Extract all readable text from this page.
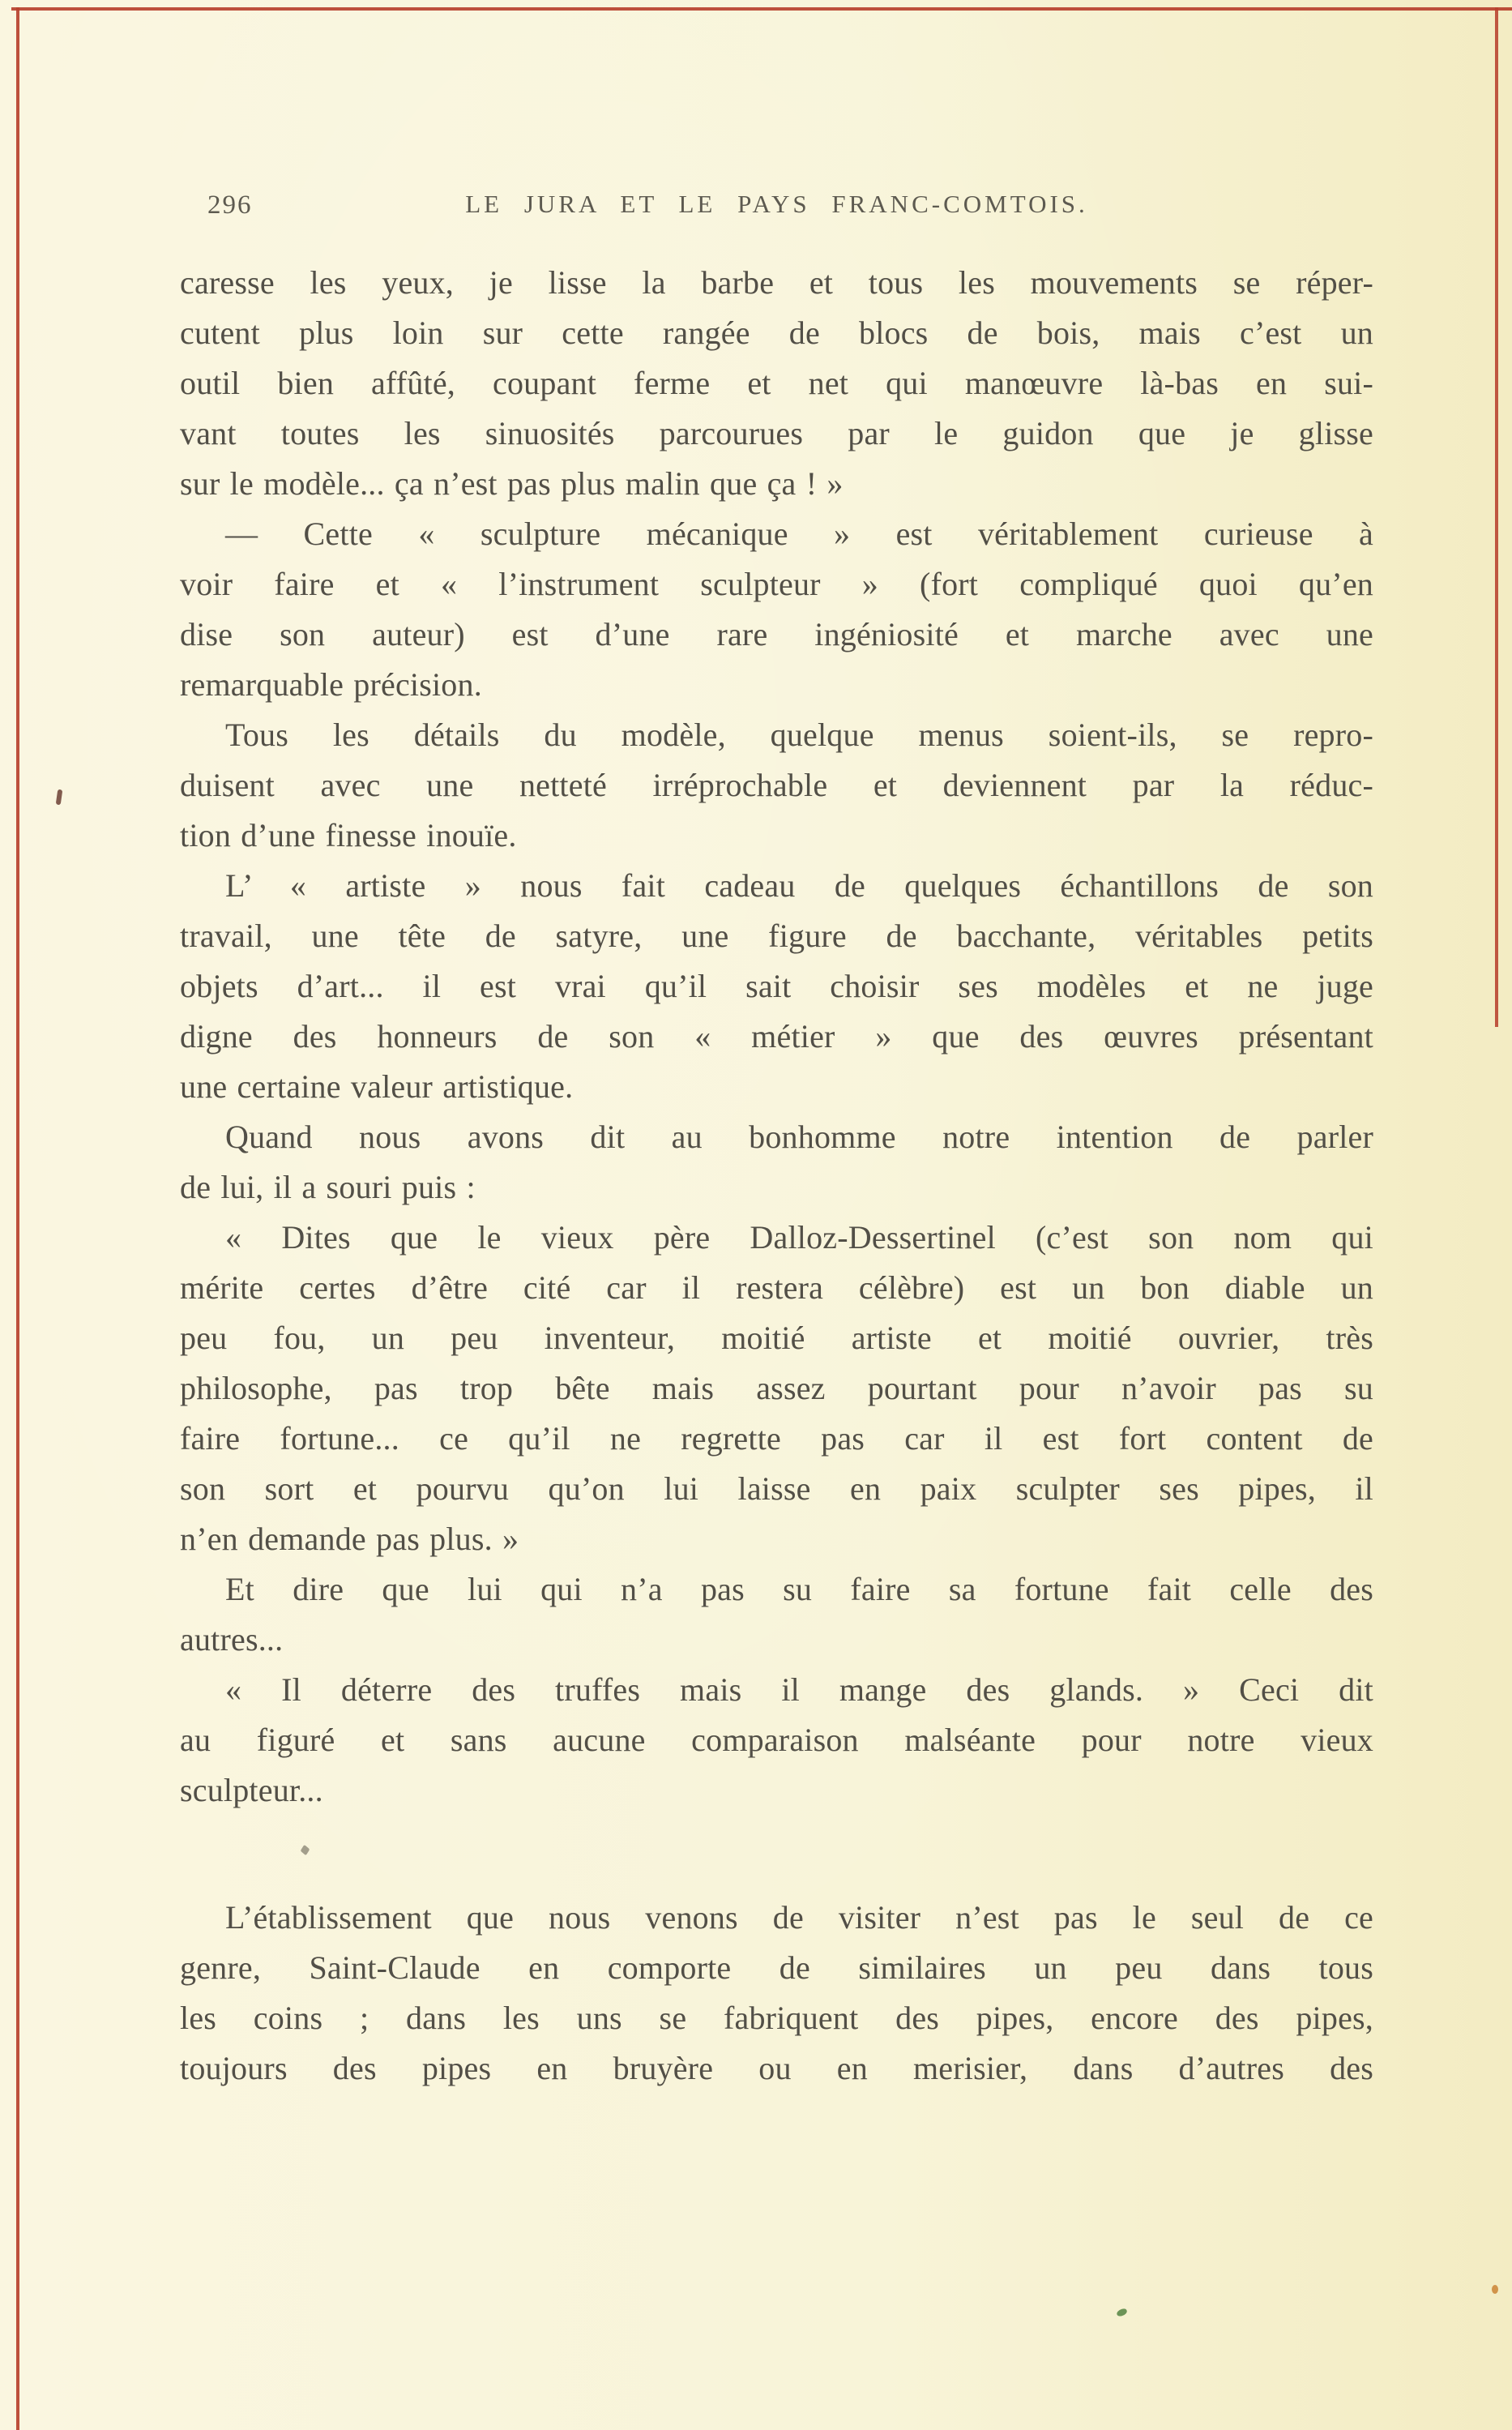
296	LE JURA ET LE PAYS FRANC-COMTOIS.
caresse les yeux, je lisse la barbe et tous les mouvements se réper-
cutent plus loin sur cette rangée de blocs de bois, mais c’est un
outil bien affûté, coupant ferme et net qui manœuvre là-bas en sui-
vant toutes les sinuosités parcourues par le guidon que je glisse
sur le modèle... ça n’est pas plus malin que ça ! »
— Cette « sculpture mécanique » est véritablement curieuse à
voir faire et « l’instrument sculpteur » (fort compliqué quoi qu’en
dise son auteur) est d’une rare ingéniosité et marche avec une
remarquable précision.
Tous les détails du modèle, quelque menus soient-ils, se repro-
duisent avec une netteté irréprochable et deviennent par la réduc-
tion d’une finesse inouïe.
L’ « artiste » nous fait cadeau de quelques échantillons de son
travail, une tête de satyre, une figure de bacchante, véritables petits
objets d’art... il est vrai qu’il sait choisir ses modèles et ne juge
digne des honneurs de son « métier » que des œuvres présentant
une certaine valeur artistique.
Quand nous avons dit au bonhomme notre intention de parler
de lui, il a souri puis :
« Dites que le vieux père Dalloz-Dessertinel (c’est son nom qui
mérite certes d’être cité car il restera célèbre) est un bon diable un
peu fou, un peu inventeur, moitié artiste et moitié ouvrier, très
philosophe, pas trop bête mais assez pourtant pour n’avoir pas su
faire fortune... ce qu’il ne regrette pas car il est fort content de
son sort et pourvu qu’on lui laisse en paix sculpter ses pipes, il
n’en demande pas plus. »
Et dire que lui qui n’a pas su faire sa fortune fait celle des
autres...
« Il déterre des truffes mais il mange des glands. » Ceci dit
au figuré et sans aucune comparaison malséante pour notre vieux
sculpteur...
L’établissement que nous venons de visiter n’est pas le seul de ce
genre, Saint-Claude en comporte de similaires un peu dans tous
les coins ; dans les uns se fabriquent des pipes, encore des pipes,
toujours des pipes en bruyère ou en merisier, dans d’autres des
